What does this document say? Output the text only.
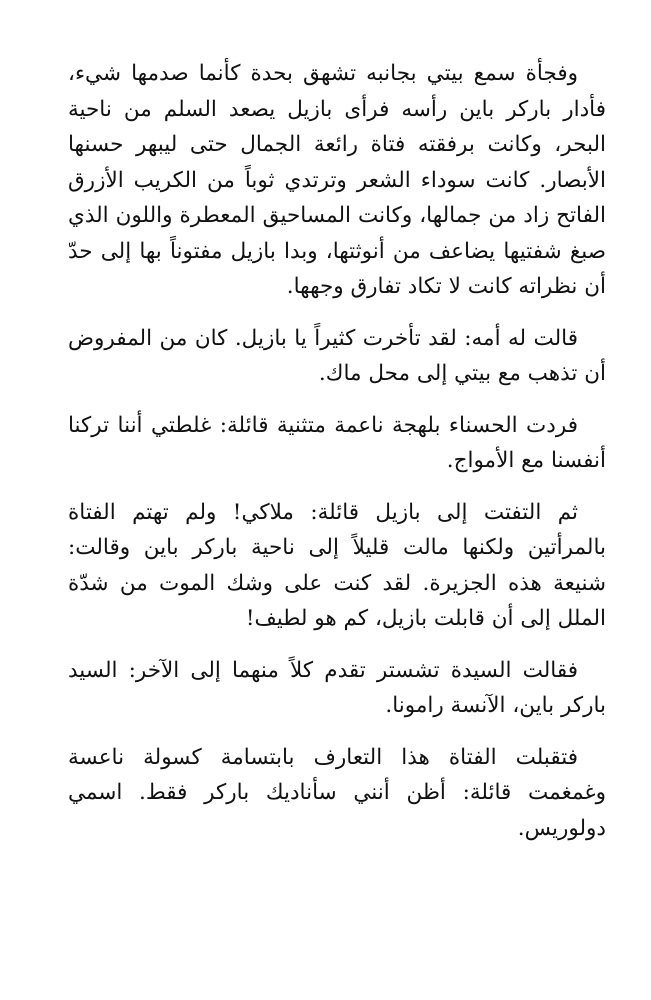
وفجأة سمع بيتي بجانبه تشهق بحدة كأنما صدمها شيء، فأدار باركر باين رأسه فرأى بازيل يصعد السلم من ناحية البحر، وكانت برفقته فتاة رائعة الجمال حتى ليبهر حسنها الأبصار. كانت سوداء الشعر وترتدي ثوباً من الكريب الأزرق الفاتح زاد من جمالها، وكانت المساحيق المعطرة واللون الذي صبغ شفتيها يضاعف من أنوثتها، وبدا بازيل مفتوناً بها إلى حدّ أن نظراته كانت لا تكاد تفارق وجهها.

قالت له أمه: لقد تأخرت كثيراً يا بازيل. كان من المفروض أن تذهب مع بيتي إلى محل ماك.

فردت الحسناء بلهجة ناعمة متثنية قائلة: غلطتي أننا تركنا أنفسنا مع الأمواج.

ثم التفتت إلى بازيل قائلة: ملاكي! ولم تهتم الفتاة بالمرأتين ولكنها مالت قليلاً إلى ناحية باركر باين وقالت: شنيعة هذه الجزيرة. لقد كنت على وشك الموت من شدّة الملل إلى أن قابلت بازيل، كم هو لطيف!

فقالت السيدة تشستر تقدم كلاً منهما إلى الآخر: السيد باركر باين، الآنسة رامونا.

فتقبلت الفتاة هذا التعارف بابتسامة كسولة ناعسة وغمغمت قائلة: أظن أنني سأناديك باركر فقط. اسمي دولوريس.
